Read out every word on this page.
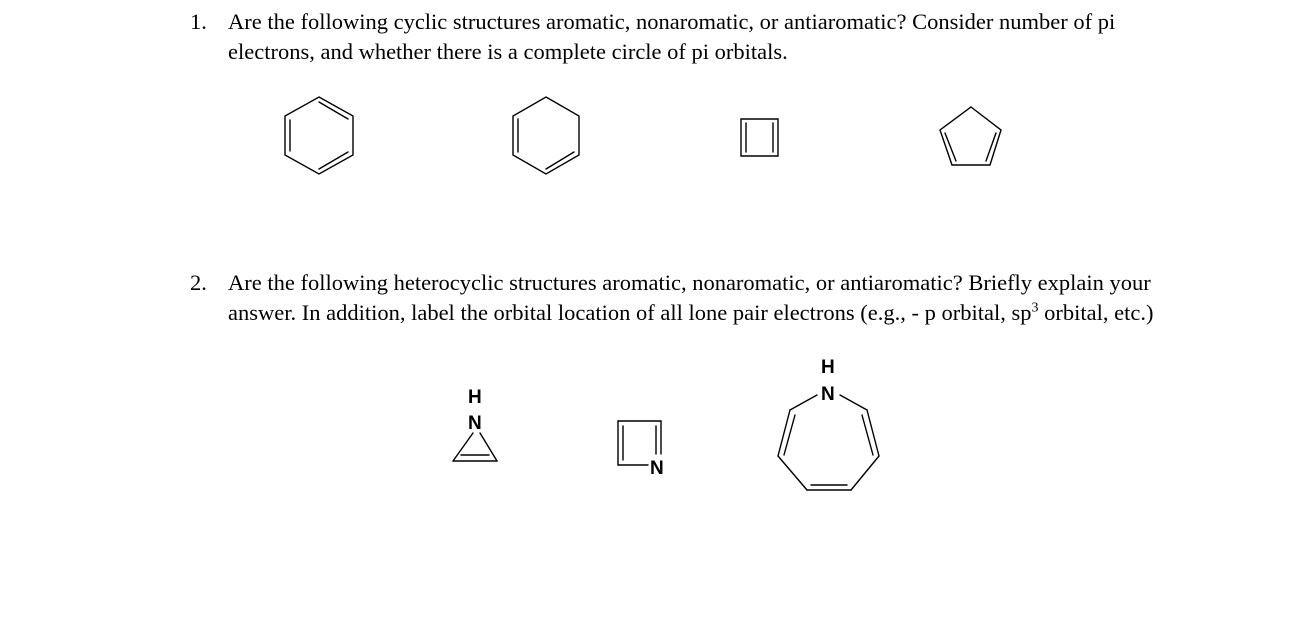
1. Are the following cyclic structures aromatic, nonaromatic, or antiaromatic? Consider number of pi electrons, and whether there is a complete circle of pi orbitals.
2. Are the following heterocyclic structures aromatic, nonaromatic, or antiaromatic? Briefly explain your answer. In addition, label the orbital location of all lone pair electrons (e.g., - p orbital, $sp^3$ orbital, etc.)
H
N
N
H
N
